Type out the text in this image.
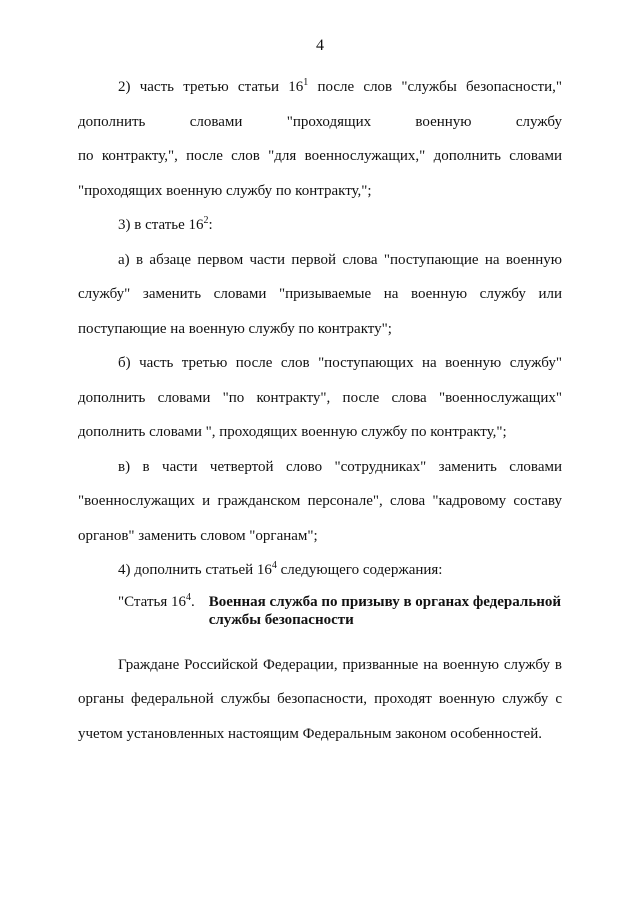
4
2) часть третью статьи $16^1$ после слов "службы безопасности,"
дополнить словами "проходящих военную службу
по контракту,", после слов "для военнослужащих," дополнить словами
"проходящих военную службу по контракту,";
3) в статье $16^2$:
а) в абзаце первом части первой слова "поступающие на военную
службу" заменить словами "призываемые на военную службу или
поступающие на военную службу по контракту";
б) часть третью после слов "поступающих на военную службу"
дополнить словами "по контракту", после слова "военнослужащих"
дополнить словами ", проходящих военную службу по контракту,";
в) в части четвертой слово "сотрудниках" заменить словами
"военнослужащих и гражданском персонале", слова "кадровому составу
органов" заменить словом "органам";
4) дополнить статьей $16^4$ следующего содержания:
"Статья $16^4$. Военная служба по призыву в органах федеральной службы безопасности
Граждане Российской Федерации, призванные на военную службу в
органы федеральной службы безопасности, проходят военную службу с
учетом установленных настоящим Федеральным законом особенностей.
